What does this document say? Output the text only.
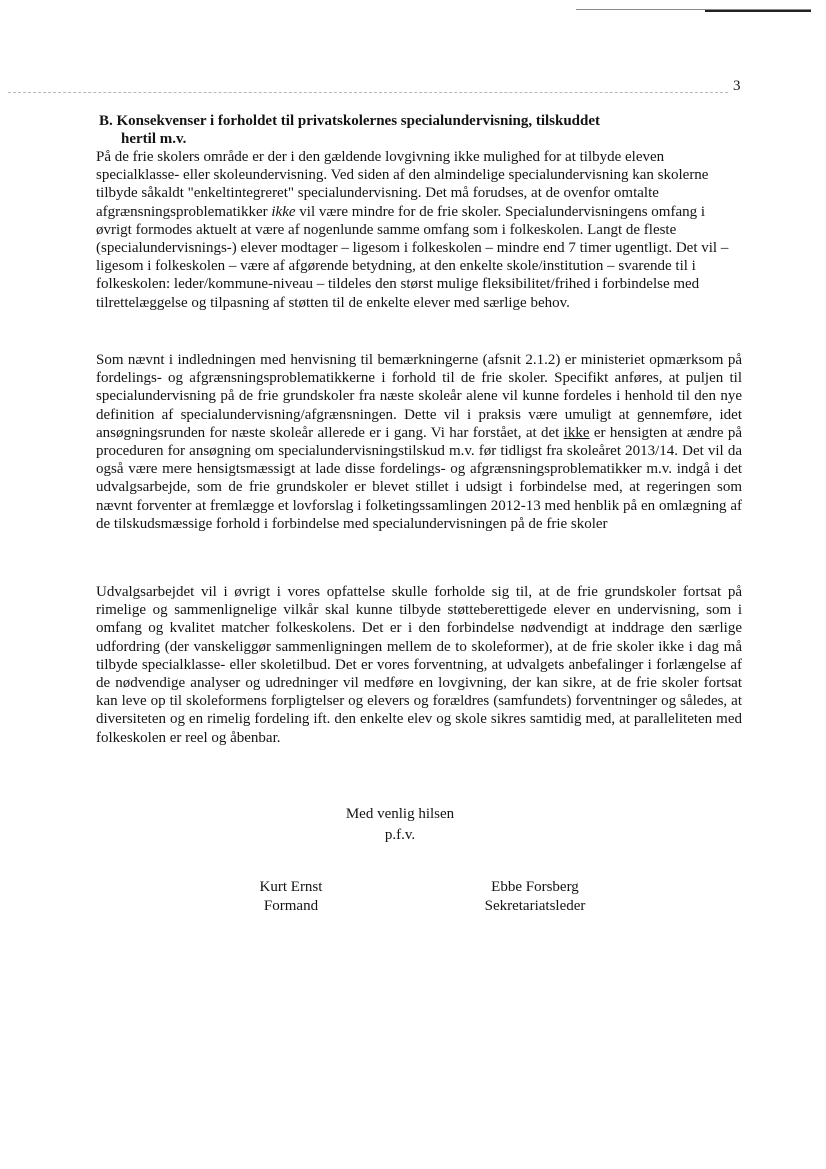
3
B. Konsekvenser i forholdet til privatskolernes specialundervisning, tilskuddet
hertil m.v.

På de frie skolers område er der i den gældende lovgivning ikke mulighed for at tilbyde eleven specialklasse- eller skoleundervisning. Ved siden af den almindelige specialundervisning kan skolerne tilbyde såkaldt "enkeltintegreret" specialundervisning. Det må forudses, at de ovenfor omtalte afgrænsningsproblematikker ikke vil være mindre for de frie skoler. Specialundervisningens omfang i øvrigt formodes aktuelt at være af nogenlunde samme omfang som i folkeskolen. Langt de fleste (specialundervisnings-) elever modtager – ligesom i folkeskolen – mindre end 7 timer ugentligt. Det vil – ligesom i folkeskolen – være af afgørende betydning, at den enkelte skole/institution – svarende til i folkeskolen: leder/kommune-niveau – tildeles den størst mulige fleksibilitet/frihed i forbindelse med tilrettelæggelse og tilpasning af støtten til de enkelte elever med særlige behov.

Som nævnt i indledningen med henvisning til bemærkningerne (afsnit 2.1.2) er ministeriet opmærksom på fordelings- og afgrænsningsproblematikkerne i forhold til de frie skoler. Specifikt anføres, at puljen til specialundervisning på de frie grundskoler fra næste skoleår alene vil kunne fordeles i henhold til den nye definition af specialundervisning/afgrænsningen. Dette vil i praksis være umuligt at gennemføre, idet ansøgningsrunden for næste skoleår allerede er i gang. Vi har forstået, at det ikke er hensigten at ændre på proceduren for ansøgning om specialundervisningstilskud m.v. før tidligst fra skoleåret 2013/14. Det vil da også være mere hensigtsmæssigt at lade disse fordelings- og afgrænsningsproblematikker m.v. indgå i det udvalgsarbejde, som de frie grundskoler er blevet stillet i udsigt i forbindelse med, at regeringen som nævnt forventer at fremlægge et lovforslag i folketingssamlingen 2012-13 med henblik på en omlægning af de tilskudsmæssige forhold i forbindelse med specialundervisningen på de frie skoler

Udvalgsarbejdet vil i øvrigt i vores opfattelse skulle forholde sig til, at de frie grundskoler fortsat på rimelige og sammenlignelige vilkår skal kunne tilbyde støtteberettigede elever en undervisning, som i omfang og kvalitet matcher folkeskolens. Det er i den forbindelse nødvendigt at inddrage den særlige udfordring (der vanskeliggør sammenligningen mellem de to skoleformer), at de frie skoler ikke i dag må tilbyde specialklasse- eller skoletilbud. Det er vores forventning, at udvalgets anbefalinger i forlængelse af de nødvendige analyser og udredninger vil medføre en lovgivning, der kan sikre, at de frie skoler fortsat kan leve op til skoleformens forpligtelser og elevers og forældres (samfundets) forventninger og således, at diversiteten og en rimelig fordeling ift. den enkelte elev og skole sikres samtidig med, at paralleliteten med folkeskolen er reel og åbenbar.

Med venlig hilsen
p.f.v.
Kurt Ernst
Formand
Ebbe Forsberg
Sekretariatsleder
